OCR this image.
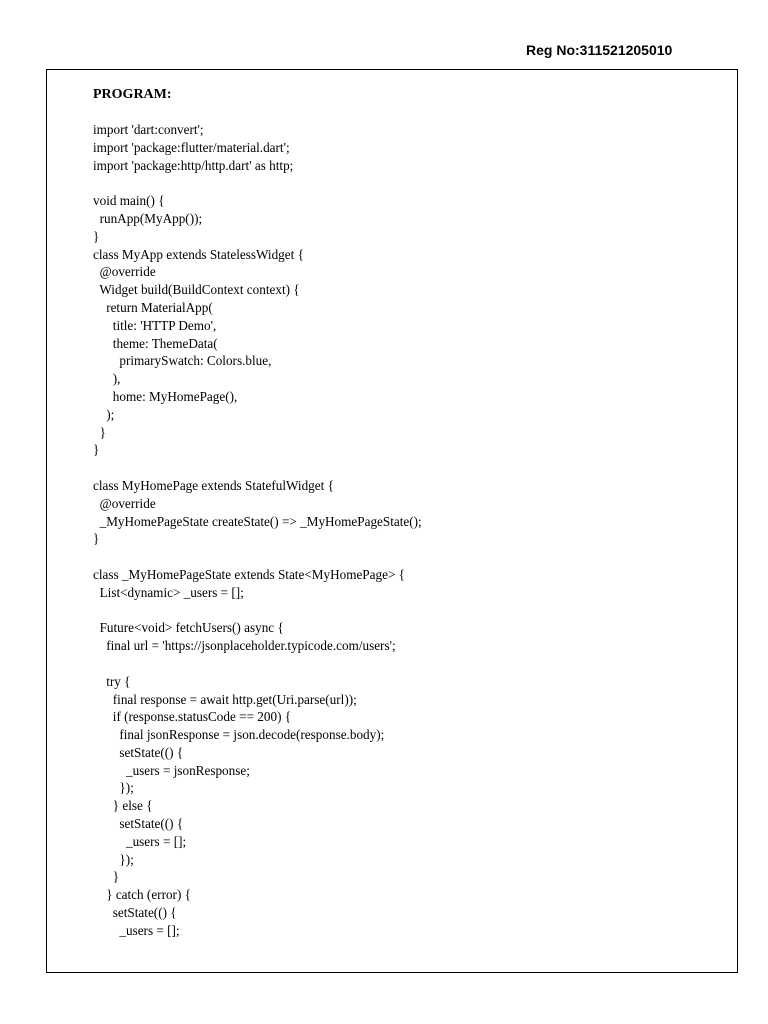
Reg No:311521205010
PROGRAM:
import 'dart:convert';
import 'package:flutter/material.dart';
import 'package:http/http.dart' as http;
void main() {
runApp(MyApp());
}
class MyApp extends StatelessWidget {
@override
Widget build(BuildContext context) {
return MaterialApp(
title: 'HTTP Demo',
theme: ThemeData(
primarySwatch: Colors.blue,
),
home: MyHomePage(),
);
}
}
class MyHomePage extends StatefulWidget {
@override
_MyHomePageState createState() => _MyHomePageState();
}
class _MyHomePageState extends State<MyHomePage> {
List<dynamic> _users = [];
Future<void> fetchUsers() async {
final url = 'https://jsonplaceholder.typicode.com/users';
try {
final response = await http.get(Uri.parse(url));
if (response.statusCode == 200) {
final jsonResponse = json.decode(response.body);
setState(() {
_users = jsonResponse;
});
} else {
setState(() {
_users = [];
});
}
} catch (error) {
setState(() {
_users = [];
